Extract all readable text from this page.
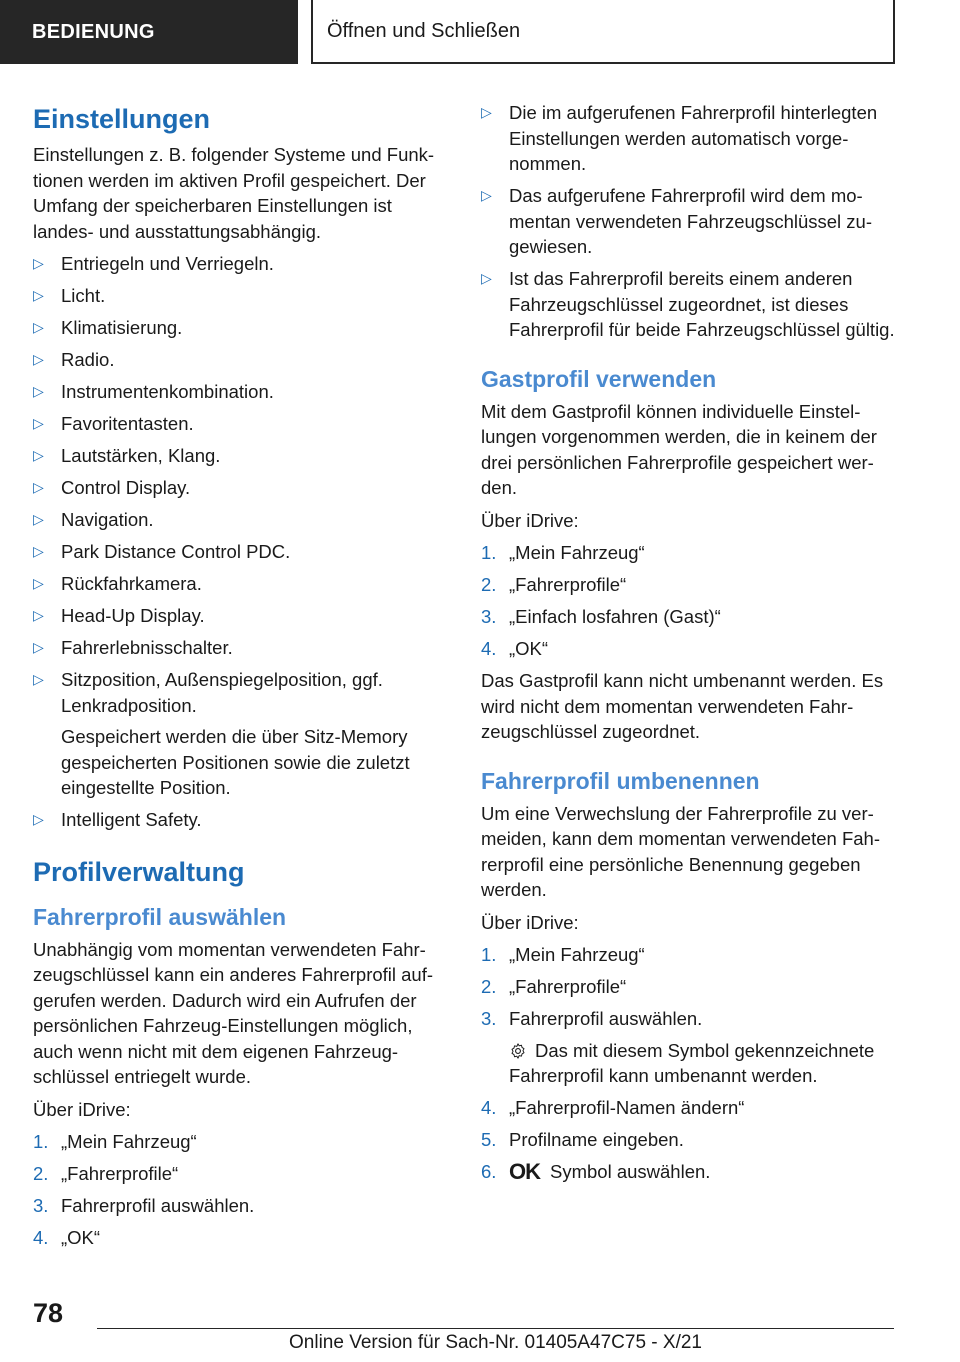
BEDIENUNG	Öffnen und Schließen
Einstellungen
Einstellungen z. B. folgender Systeme und Funktionen werden im aktiven Profil gespeichert. Der Umfang der speicherbaren Einstellungen ist landes- und ausstattungsabhängig.
▷ Entriegeln und Verriegeln.
▷ Licht.
▷ Klimatisierung.
▷ Radio.
▷ Instrumentenkombination.
▷ Favoritentasten.
▷ Lautstärken, Klang.
▷ Control Display.
▷ Navigation.
▷ Park Distance Control PDC.
▷ Rückfahrkamera.
▷ Head-Up Display.
▷ Fahrerlebnisschalter.
▷ Sitzposition, Außenspiegelposition, ggf. Lenkradposition.
Gespeichert werden die über Sitz-Memory gespeicherten Positionen sowie die zuletzt eingestellte Position.
▷ Intelligent Safety.
Profilverwaltung
Fahrerprofil auswählen
Unabhängig vom momentan verwendeten Fahrzeugschlüssel kann ein anderes Fahrerprofil aufgerufen werden. Dadurch wird ein Aufrufen der persönlichen Fahrzeug-Einstellungen möglich, auch wenn nicht mit dem eigenen Fahrzeugschlüssel entriegelt wurde.
Über iDrive:
1. „Mein Fahrzeug“
2. „Fahrerprofile“
3. Fahrerprofil auswählen.
4. „OK“
▷ Die im aufgerufenen Fahrerprofil hinterlegten Einstellungen werden automatisch vorgenommen.
▷ Das aufgerufene Fahrerprofil wird dem momentan verwendeten Fahrzeugschlüssel zugewiesen.
▷ Ist das Fahrerprofil bereits einem anderen Fahrzeugschlüssel zugeordnet, ist dieses Fahrerprofil für beide Fahrzeugschlüssel gültig.
Gastprofil verwenden
Mit dem Gastprofil können individuelle Einstellungen vorgenommen werden, die in keinem der drei persönlichen Fahrerprofile gespeichert werden.
Über iDrive:
1. „Mein Fahrzeug“
2. „Fahrerprofile“
3. „Einfach losfahren (Gast)“
4. „OK“
Das Gastprofil kann nicht umbenannt werden. Es wird nicht dem momentan verwendeten Fahrzeugschlüssel zugeordnet.
Fahrerprofil umbenennen
Um eine Verwechslung der Fahrerprofile zu vermeiden, kann dem momentan verwendeten Fahrerprofil eine persönliche Benennung gegeben werden.
Über iDrive:
1. „Mein Fahrzeug“
2. „Fahrerprofile“
3. Fahrerprofil auswählen.
Das mit diesem Symbol gekennzeichnete Fahrerprofil kann umbenannt werden.
4. „Fahrerprofil-Namen ändern“
5. Profilname eingeben.
6. OK Symbol auswählen.
78
Online Version für Sach-Nr. 01405A47C75 - X/21
